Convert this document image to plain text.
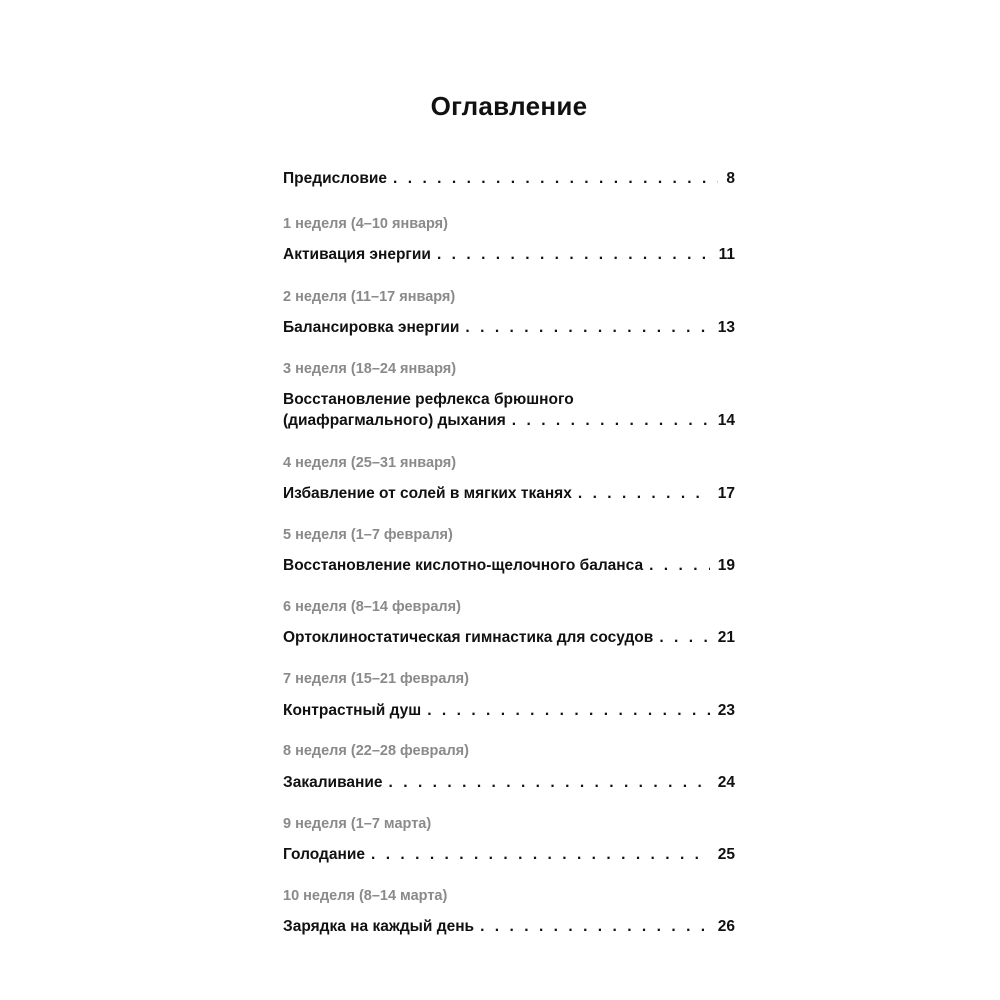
Оглавление
Предисловие . . .	8
1 неделя (4–10 января)
Активация энергии . . .	11
2 неделя (11–17 января)
Балансировка энергии . . .	13
3 неделя (18–24 января)
Восстановление рефлекса брюшного
(диафрагмального) дыхания . . .	14
4 неделя (25–31 января)
Избавление от солей в мягких тканях . . .	17
5 неделя (1–7 февраля)
Восстановление кислотно-щелочного баланса . . .	19
6 неделя (8–14 февраля)
Ортоклиностатическая гимнастика для сосудов . . .	21
7 неделя (15–21 февраля)
Контрастный душ . . .	23
8 неделя (22–28 февраля)
Закаливание . . .	24
9 неделя (1–7 марта)
Голодание . . .	25
10 неделя (8–14 марта)
Зарядка на каждый день . . .	26
